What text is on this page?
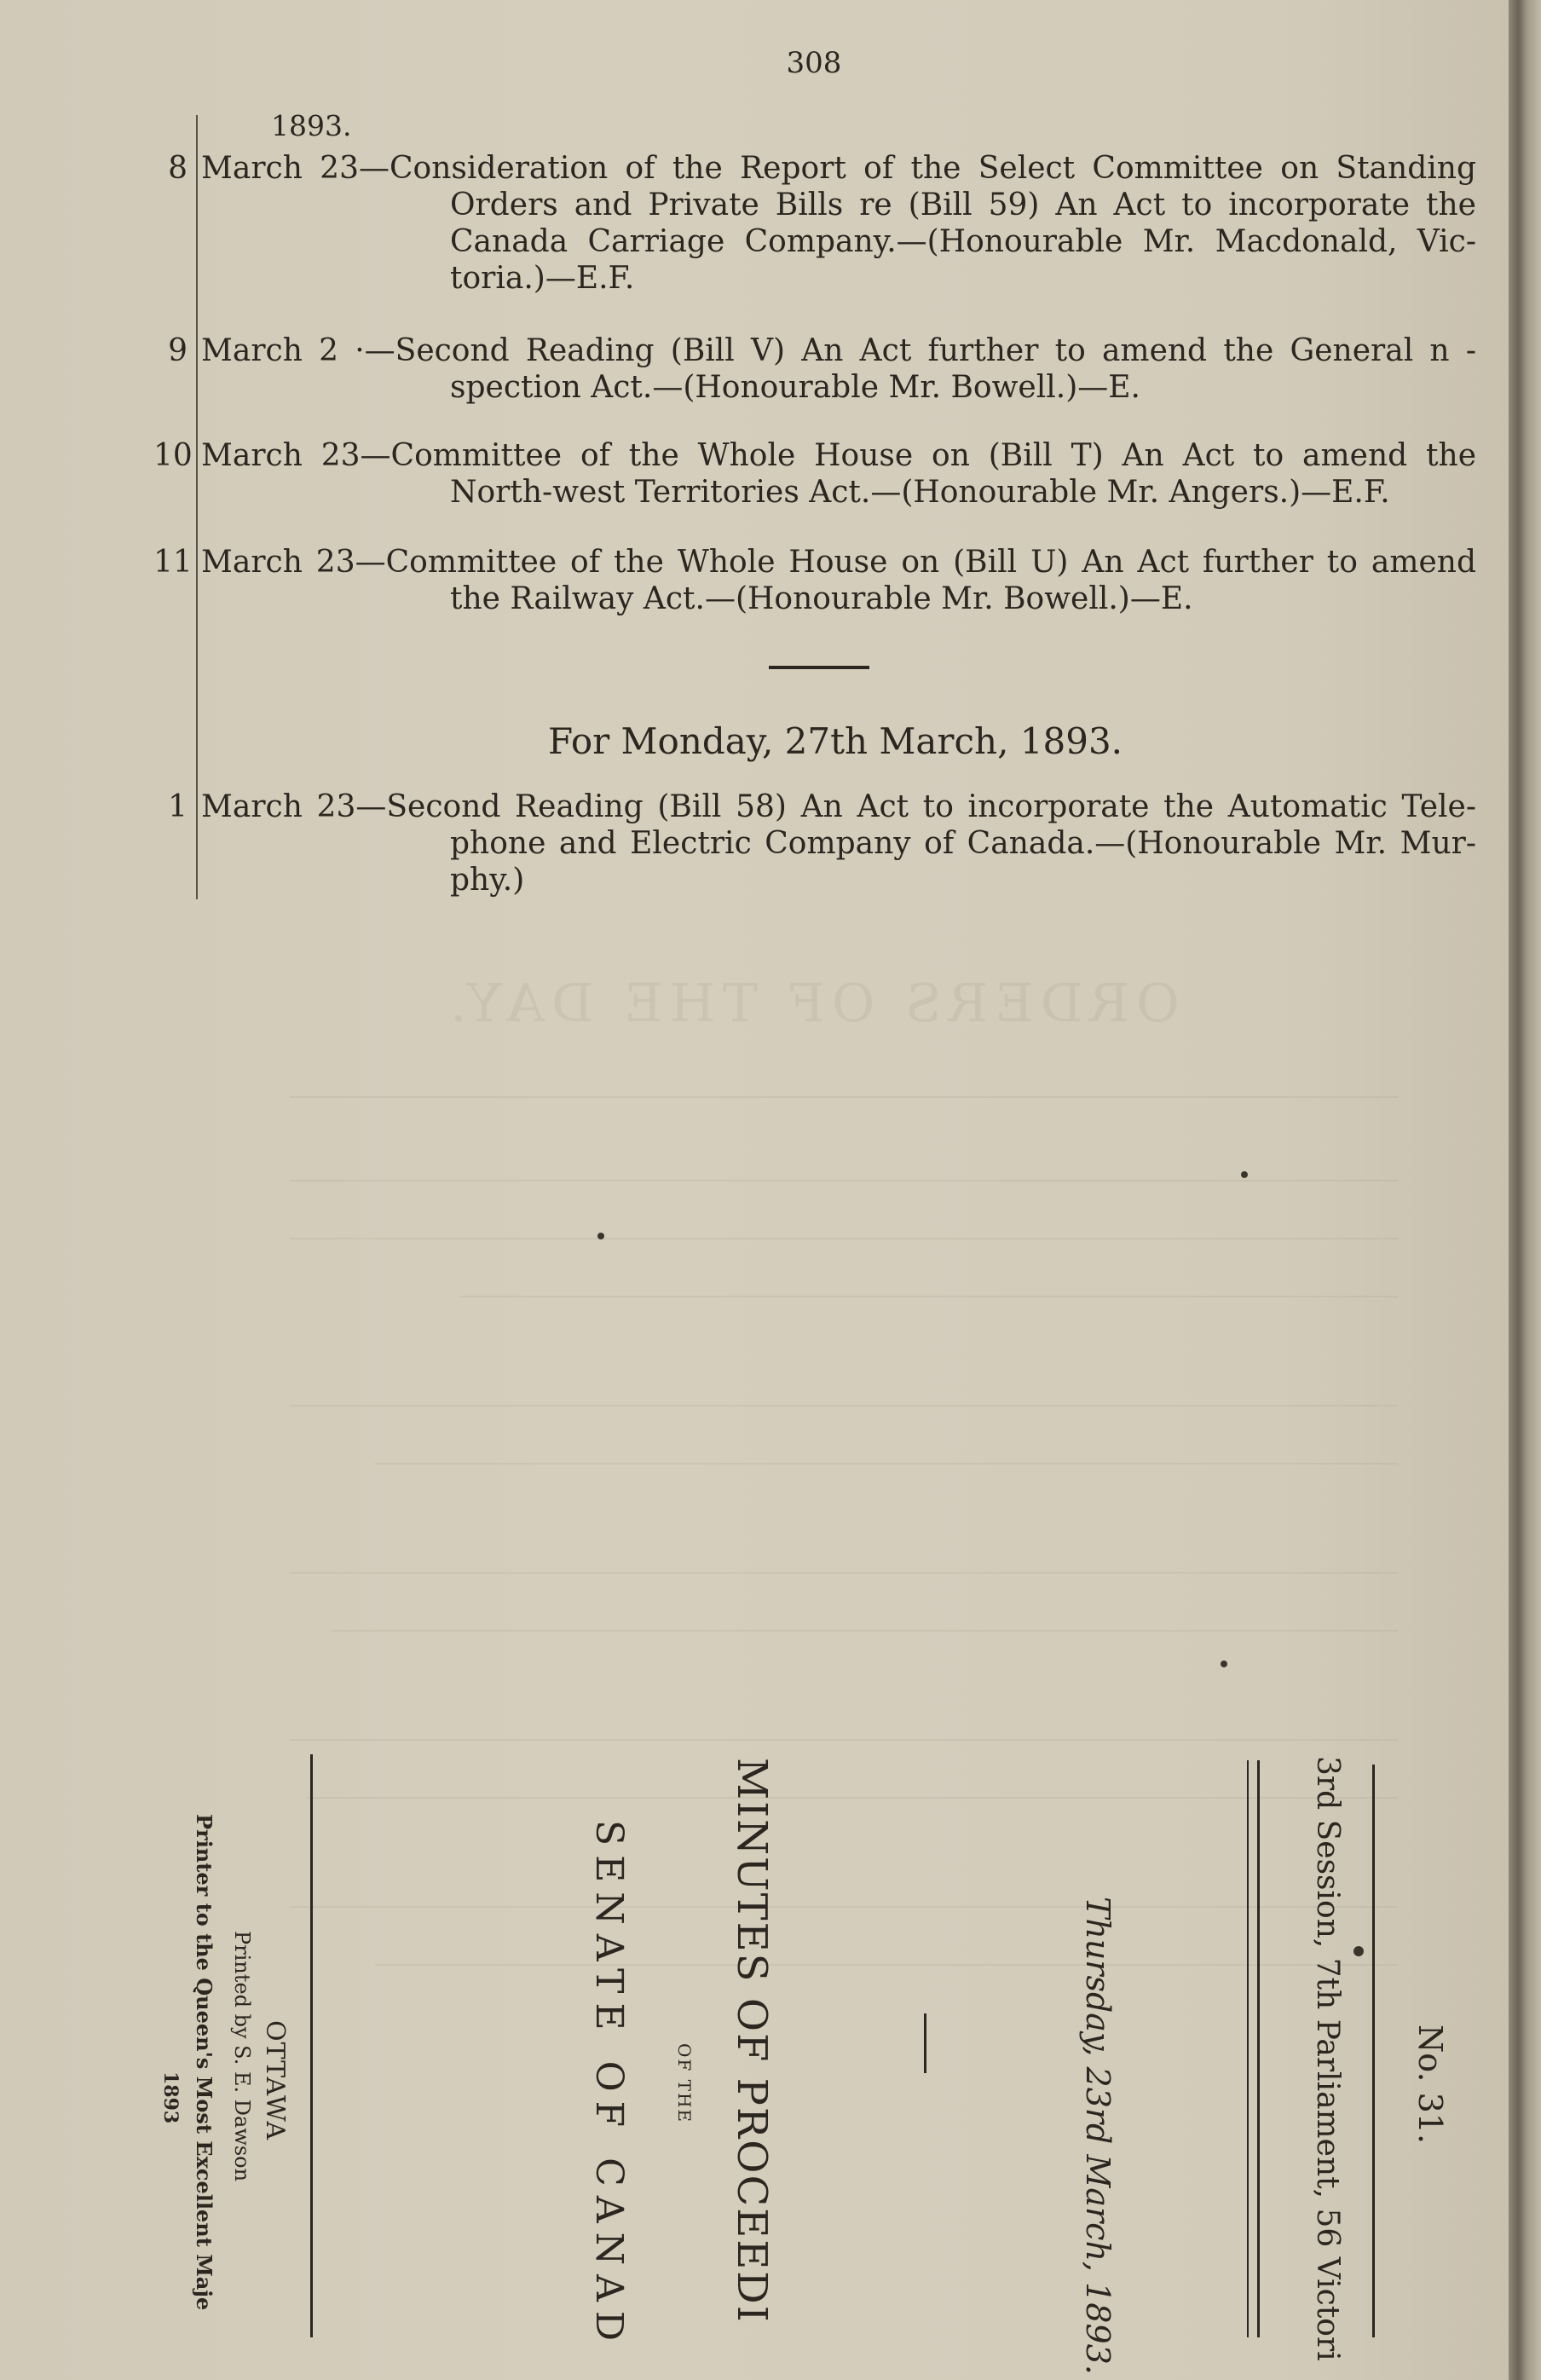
ORDERS OF THE DAY.
308
1893.
8 March 23—Consideration of the Report of the Select Committee on Standing
Orders and Private Bills re (Bill 59) An Act to incorporate the
Canada Carriage Company.—(Honourable Mr. Macdonald, Vic-
toria.)—E.F.
9 March 2 ·—Second Reading (Bill V) An Act further to amend the General n -
spection Act.—(Honourable Mr. Bowell.)—E.
10 March 23—Committee of the Whole House on (Bill T) An Act to amend the
North-west Territories Act.—(Honourable Mr. Angers.)—E.F.
11 March 23—Committee of the Whole House on (Bill U) An Act further to amend
the Railway Act.—(Honourable Mr. Bowell.)—E.
For Monday, 27th March, 1893.
1 March 23—Second Reading (Bill 58) An Act to incorporate the Automatic Tele-
phone and Electric Company of Canada.—(Honourable Mr. Mur-
phy.)
No. 31.
3rd Session, 7th Parliament, 56 Victori
Thursday, 23rd March, 1893.
MINUTES OF PROCEEDI
OF THE
SENATE OF CANAD
OTTAWA
Printed by S. E. Dawson
Printer to the Queen's Most Excellent Maje
1893
